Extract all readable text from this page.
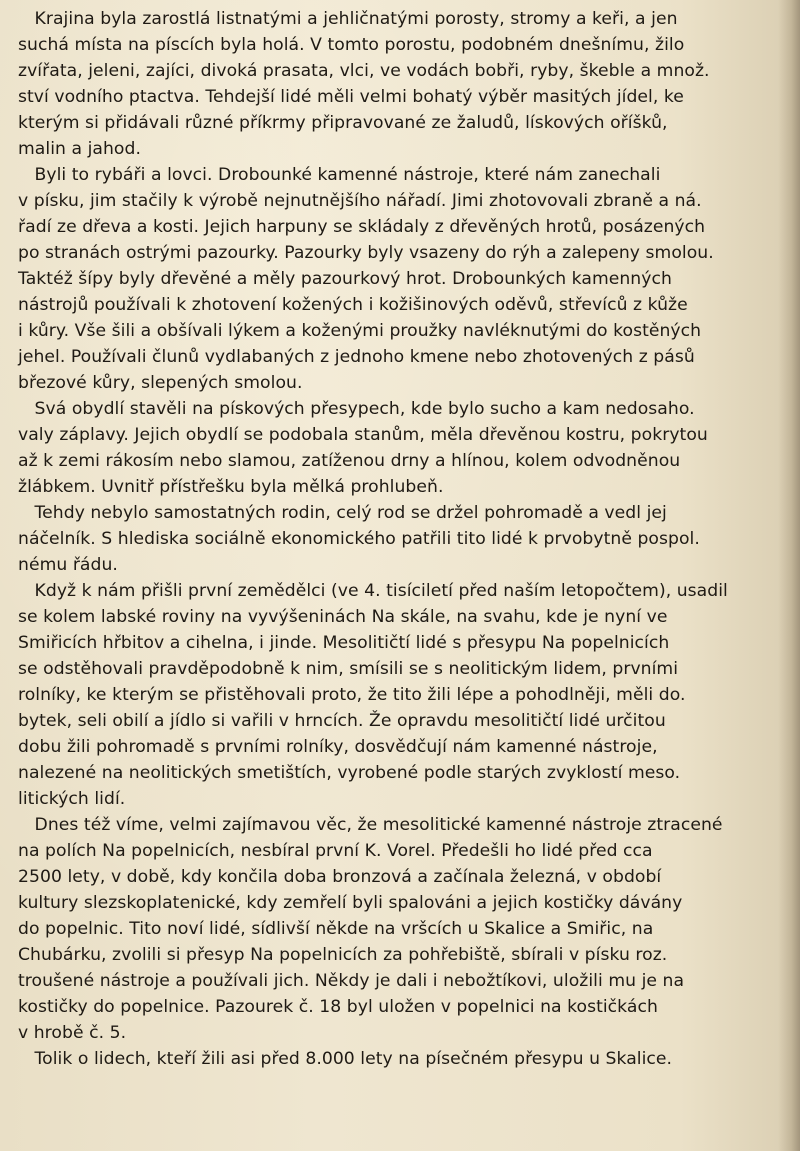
Krajina byla zarostlá listnatými a jehličnatými porosty, stromy a keři, a jen
suchá místa na píscích byla holá. V tomto porostu, podobném dnešnímu, žilo
zvířata, jeleni, zajíci, divoká prasata, vlci, ve vodách bobři, ryby, škeble a množ.
ství vodního ptactva. Tehdejší lidé měli velmi bohatý výběr masitých jídel, ke
kterým si přidávali různé příkrmy připravované ze žaludů, lískových oříšků,
malin a jahod.
Byli to rybáři a lovci. Drobounké kamenné nástroje, které nám zanechali
v písku, jim stačily k výrobě nejnutnějšího nářadí. Jimi zhotovovali zbraně a ná.
řadí ze dřeva a kosti. Jejich harpuny se skládaly z dřevěných hrotů, posázených
po stranách ostrými pazourky. Pazourky byly vsazeny do rýh a zalepeny smolou.
Taktéž šípy byly dřevěné a měly pazourkový hrot. Drobounkých kamenných
nástrojů používali k zhotovení kožených i kožišinových oděvů, střevíců z kůže
i kůry. Vše šili a obšívali lýkem a koženými proužky navléknutými do kostěných
jehel. Používali člunů vydlabaných z jednoho kmene nebo zhotovených z pásů
březové kůry, slepených smolou.
Svá obydlí stavěli na pískových přesypech, kde bylo sucho a kam nedosaho.
valy záplavy. Jejich obydlí se podobala stanům, měla dřevěnou kostru, pokrytou
až k zemi rákosím nebo slamou, zatíženou drny a hlínou, kolem odvodněnou
žlábkem. Uvnitř přístřešku byla mělká prohlubeň.
Tehdy nebylo samostatných rodin, celý rod se držel pohromadě a vedl jej
náčelník. S hlediska sociálně ekonomického patřili tito lidé k prvobytně pospol.
nému řádu.
Když k nám přišli první zemědělci (ve 4. tisíciletí před naším letopočtem), usadil
se kolem labské roviny na vyvýšeninách Na skále, na svahu, kde je nyní ve
Smiřicích hřbitov a cihelna, i jinde. Mesolitičtí lidé s přesypu Na popelnicích
se odstěhovali pravděpodobně k nim, smísili se s neolitickým lidem, prvními
rolníky, ke kterým se přistěhovali proto, že tito žili lépe a pohodlněji, měli do.
bytek, seli obilí a jídlo si vařili v hrncích. Že opravdu mesolitičtí lidé určitou
dobu žili pohromadě s prvními rolníky, dosvědčují nám kamenné nástroje,
nalezené na neolitických smetištích, vyrobené podle starých zvyklostí meso.
litických lidí.
Dnes též víme, velmi zajímavou věc, že mesolitické kamenné nástroje ztracené
na polích Na popelnicích, nesbíral první K. Vorel. Předešli ho lidé před cca
2500 lety, v době, kdy končila doba bronzová a začínala železná, v období
kultury slezskoplatenické, kdy zemřelí byli spalováni a jejich kostičky dávány
do popelnic. Tito noví lidé, sídlivší někde na vršcích u Skalice a Smiřic, na
Chubárku, zvolili si přesyp Na popelnicích za pohřebiště, sbírali v písku roz.
troušené nástroje a používali jich. Někdy je dali i nebožtíkovi, uložili mu je na
kostičky do popelnice. Pazourek č. 18 byl uložen v popelnici na kostičkách
v hrobě č. 5.
Tolik o lidech, kteří žili asi před 8.000 lety na písečném přesypu u Skalice.
